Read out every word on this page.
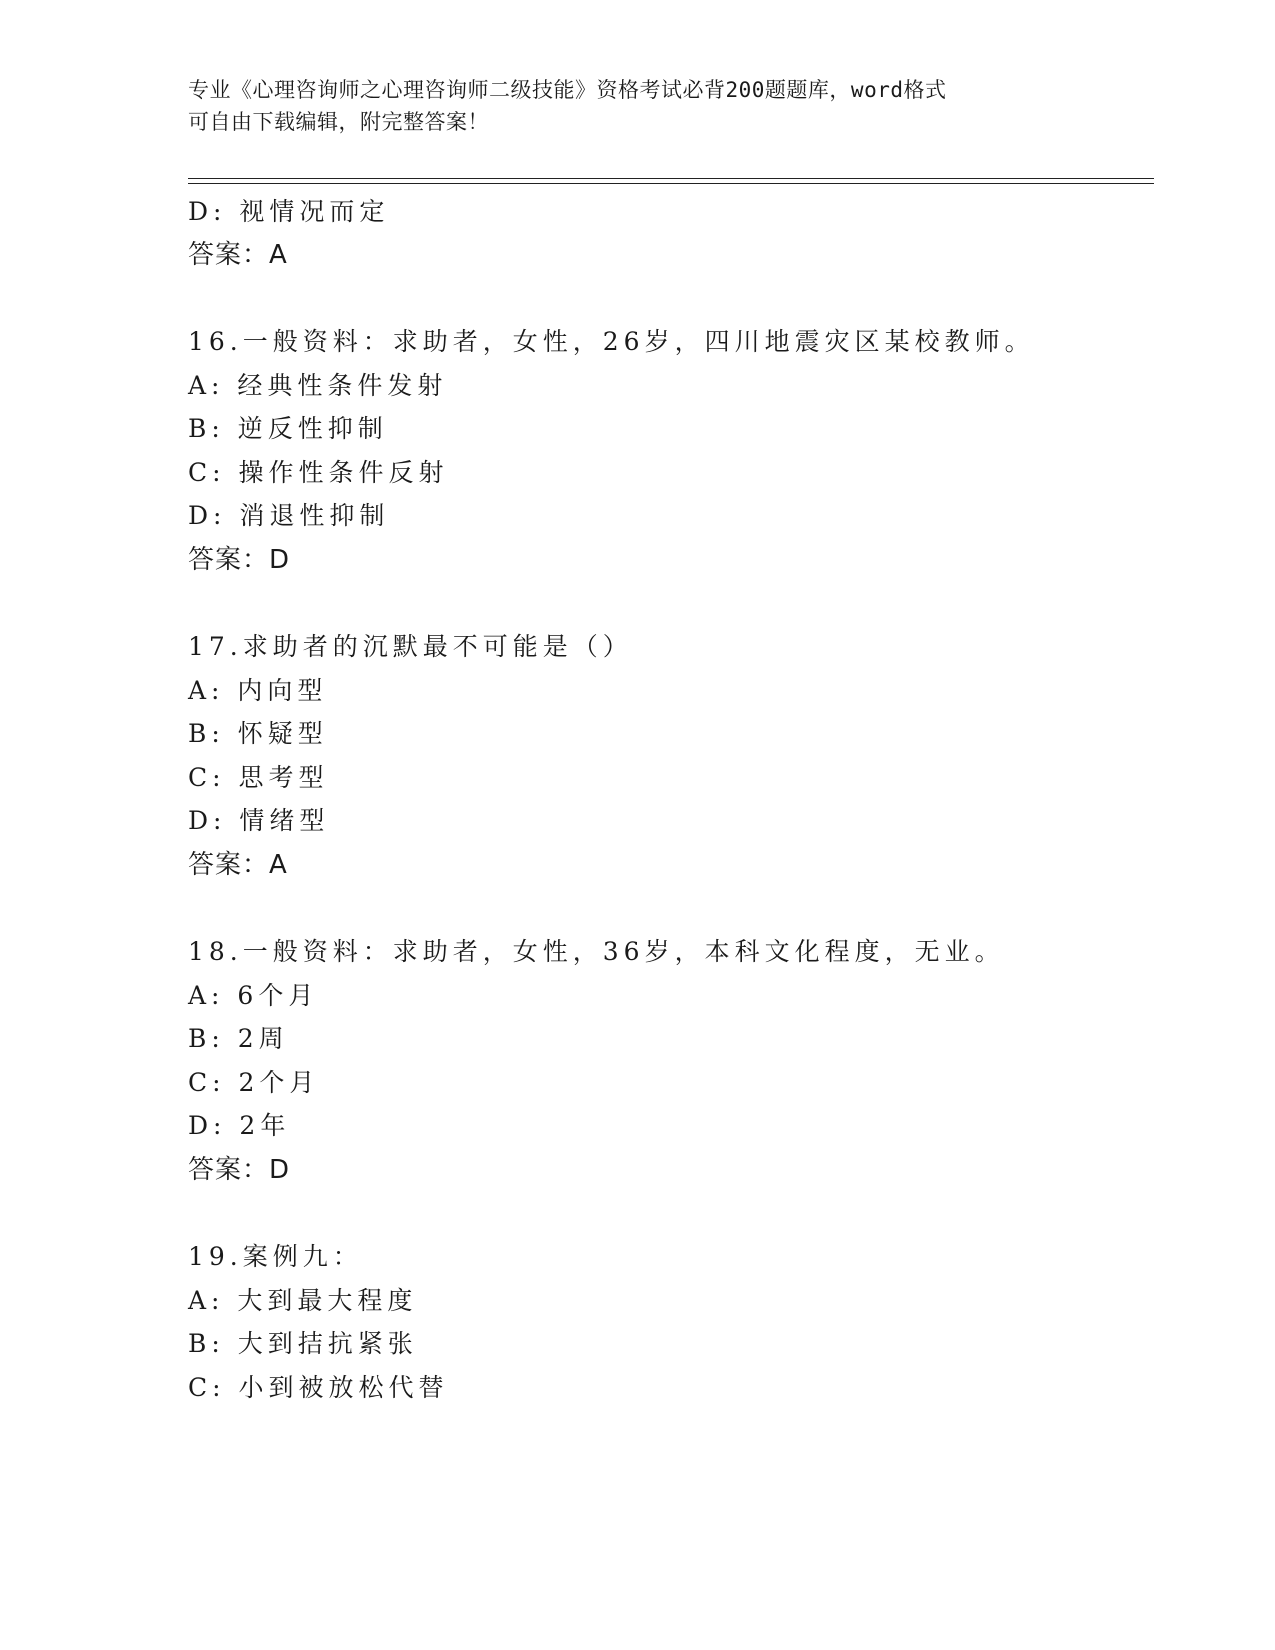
专业《心理咨询师之心理咨询师二级技能》资格考试必背200题题库，word格式
可自由下载编辑，附完整答案！
D: 视情况而定
答案：A
16.一般资料：求助者，女性，26岁，四川地震灾区某校教师。
A: 经典性条件发射
B: 逆反性抑制
C: 操作性条件反射
D: 消退性抑制
答案：D
17.求助者的沉默最不可能是（）
A: 内向型
B: 怀疑型
C: 思考型
D: 情绪型
答案：A
18.一般资料：求助者，女性，36岁，本科文化程度，无业。
A: 6个月
B: 2周
C: 2个月
D: 2年
答案：D
19.案例九：
A: 大到最大程度
B: 大到拮抗紧张
C: 小到被放松代替
